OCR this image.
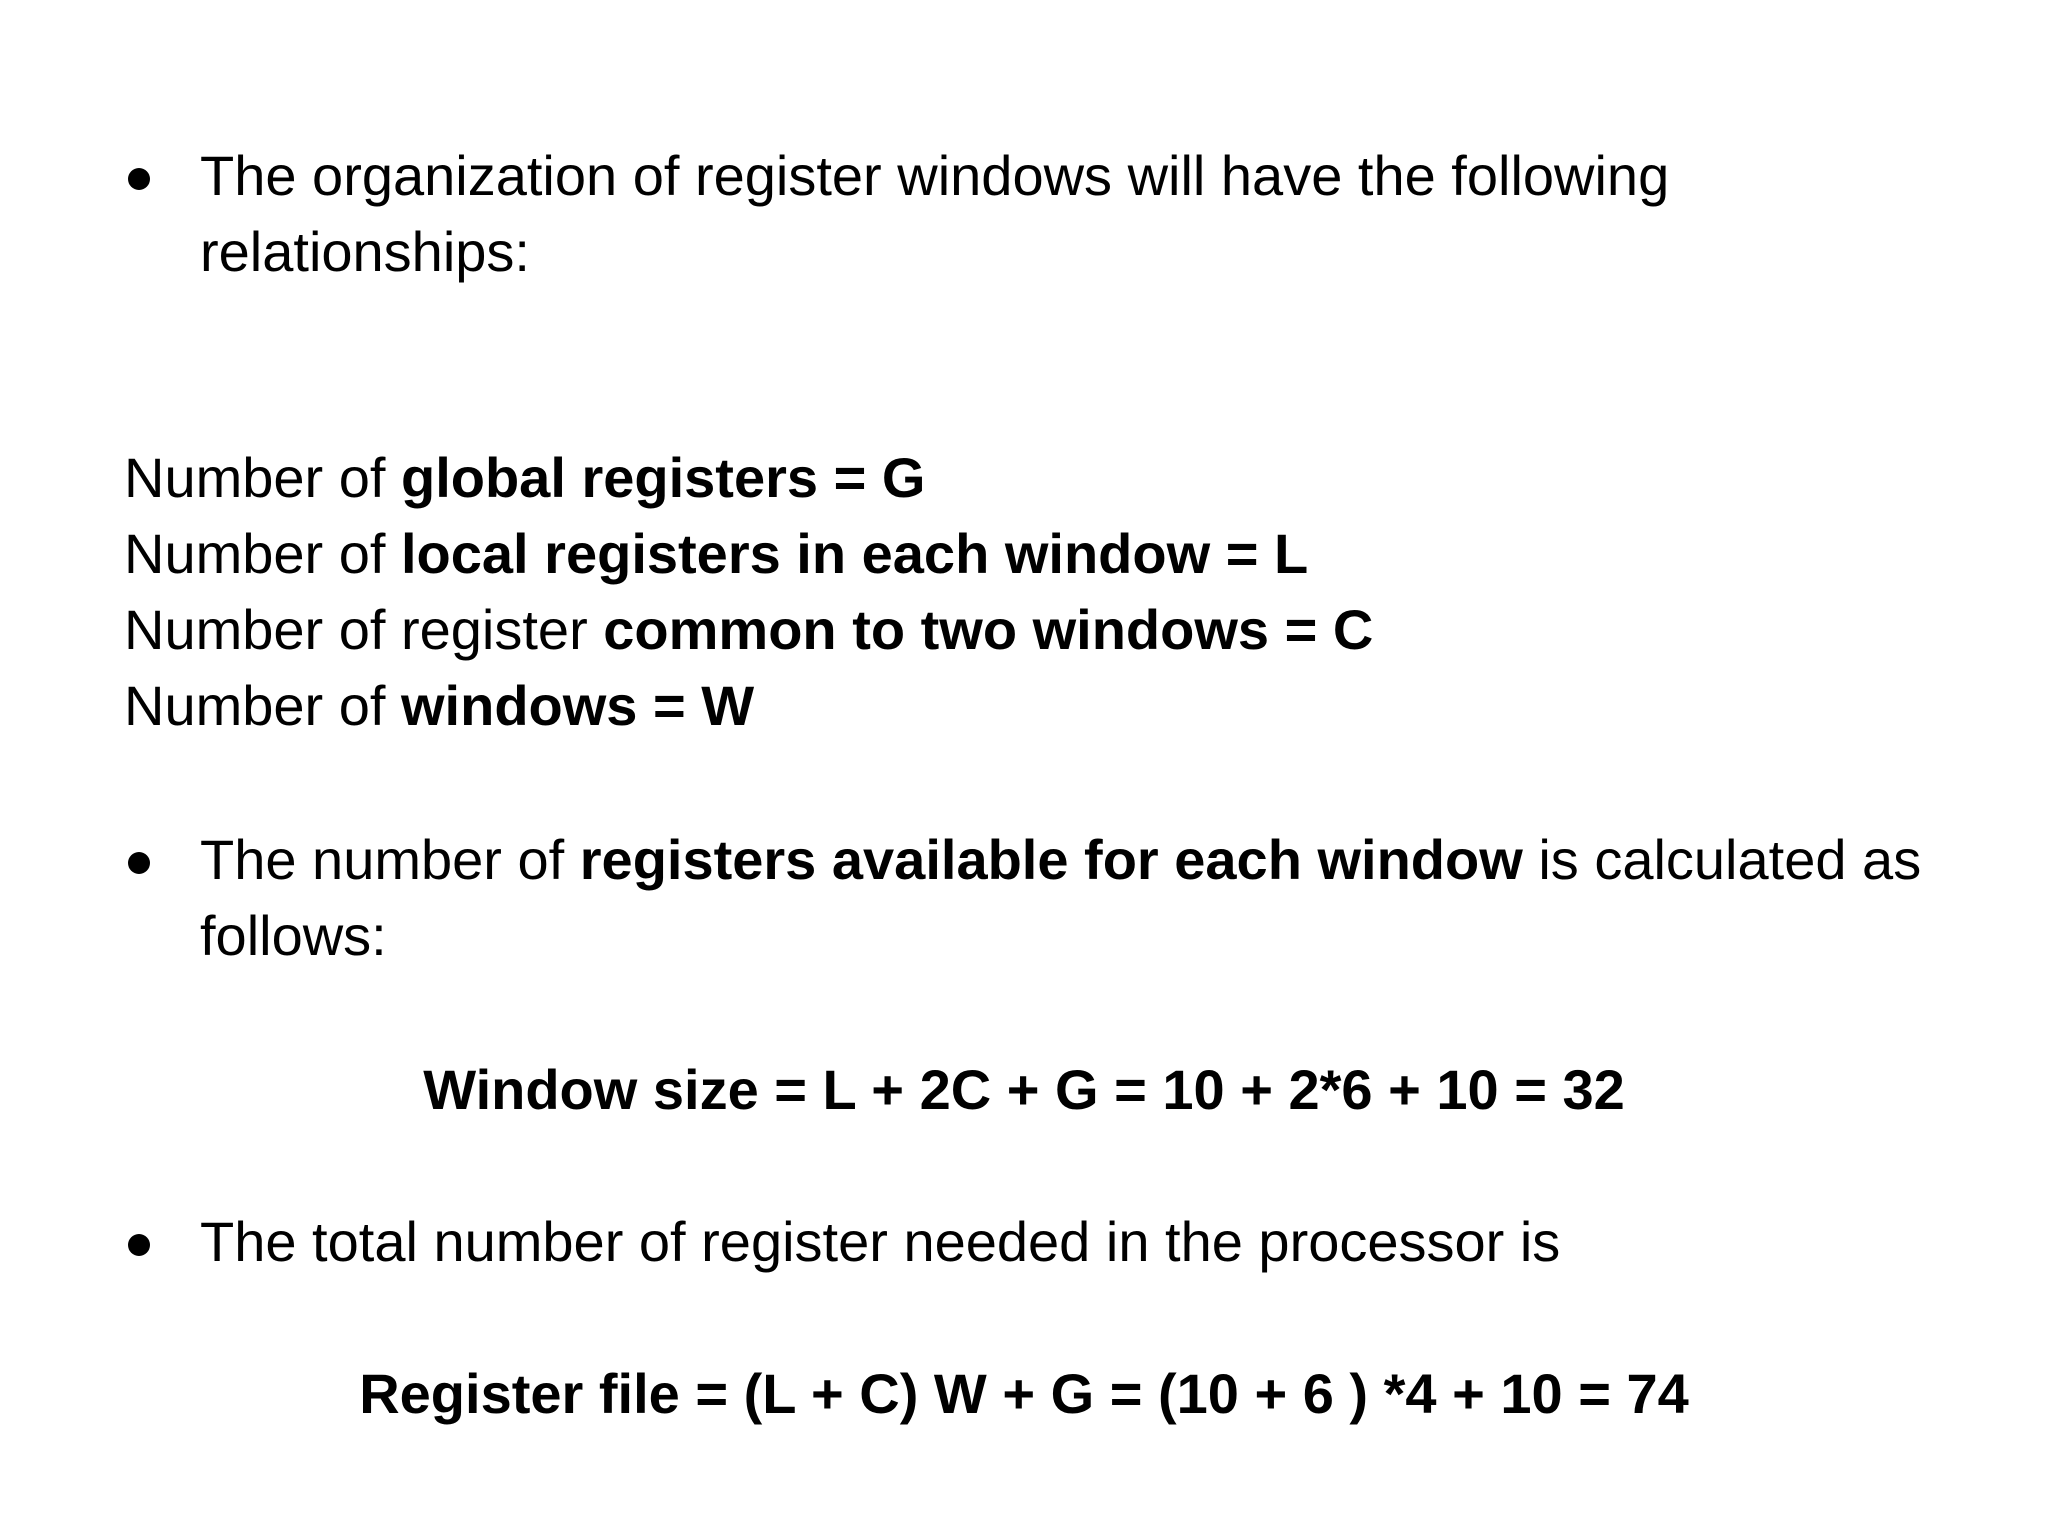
The organization of register windows will have the following relationships:
Number of global registers = G
Number of local registers in each window = L
Number of register common to two windows = C
Number of windows = W
The number of registers available for each window is calculated as follows:
Window size = L + 2C + G = 10 + 2*6 + 10 = 32
The total number of register needed in the processor is
Register file = (L + C) W + G = (10 + 6 ) *4 + 10 = 74
